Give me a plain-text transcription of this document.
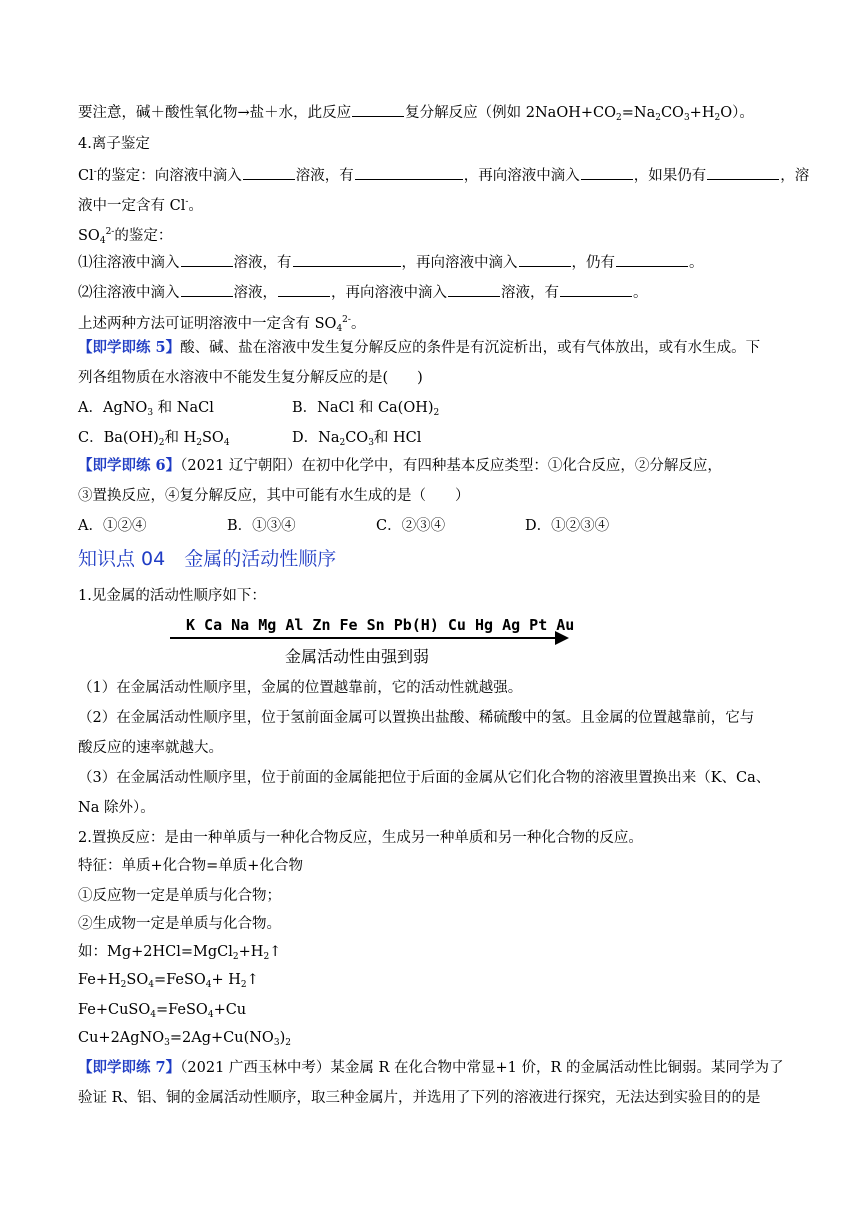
要注意，碱＋酸性氧化物→盐＋水，此反应	复分解反应（例如 $2NaOH+CO_2=Na_2CO_3+H_2O$）。
4.离子鉴定
Cl-的鉴定：向溶液中滴入	溶液，有	，再向溶液中滴入	，如果仍有	，溶
液中一定含有 Cl-。
$SO_4^{2-}$的鉴定：
⑴往溶液中滴入	溶液，有	，再向溶液中滴入	，仍有	。
⑵往溶液中滴入	溶液，	，再向溶液中滴入	溶液，有	。
上述两种方法可证明溶液中一定含有 $SO_4^{2-}$。
【即学即练 5】酸、碱、盐在溶液中发生复分解反应的条件是有沉淀析出，或有气体放出，或有水生成。下
列各组物质在水溶液中不能发生复分解反应的是(　　)
A．AgNO$_3$ 和 NaCl	B．NaCl 和 $Ca(OH)_2$
C．$Ba(OH)_2$和 $H_2SO_4$	D．$Na_2CO_3$和 HCl
【即学即练 6】（2021 辽宁朝阳）在初中化学中，有四种基本反应类型：①化合反应，②分解反应，
③置换反应，④复分解反应，其中可能有水生成的是（　　）
A．①②④	B．①③④	C．②③④	D．①②③④
知识点 04　金属的活动性顺序
1.见金属的活动性顺序如下：
K Ca Na Mg Al Zn Fe Sn Pb(H) Cu Hg Ag Pt Au
金属活动性由强到弱
（1）在金属活动性顺序里，金属的位置越靠前，它的活动性就越强。
（2）在金属活动性顺序里，位于氢前面金属可以置换出盐酸、稀硫酸中的氢。且金属的位置越靠前，它与
酸反应的速率就越大。
（3）在金属活动性顺序里，位于前面的金属能把位于后面的金属从它们化合物的溶液里置换出来（K、Ca、
Na 除外）。
2.置换反应：是由一种单质与一种化合物反应，生成另一种单质和另一种化合物的反应。
特征：单质+化合物=单质+化合物
①反应物一定是单质与化合物；
②生成物一定是单质与化合物。
如：$Mg+2HCl=MgCl_2+H_2↑$
$Fe+H_2SO_4=FeSO_4+$ $H_2↑$
Fe+CuSO$_4$=FeSO$_4$+Cu
$Cu+2AgNO_3=2Ag+Cu(NO_3)_2$
【即学即练 7】（2021 广西玉林中考）某金属 R 在化合物中常显+1 价，R 的金属活动性比铜弱。某同学为了
验证 R、铝、铜的金属活动性顺序，取三种金属片，并选用了下列的溶液进行探究，无法达到实验目的的是
